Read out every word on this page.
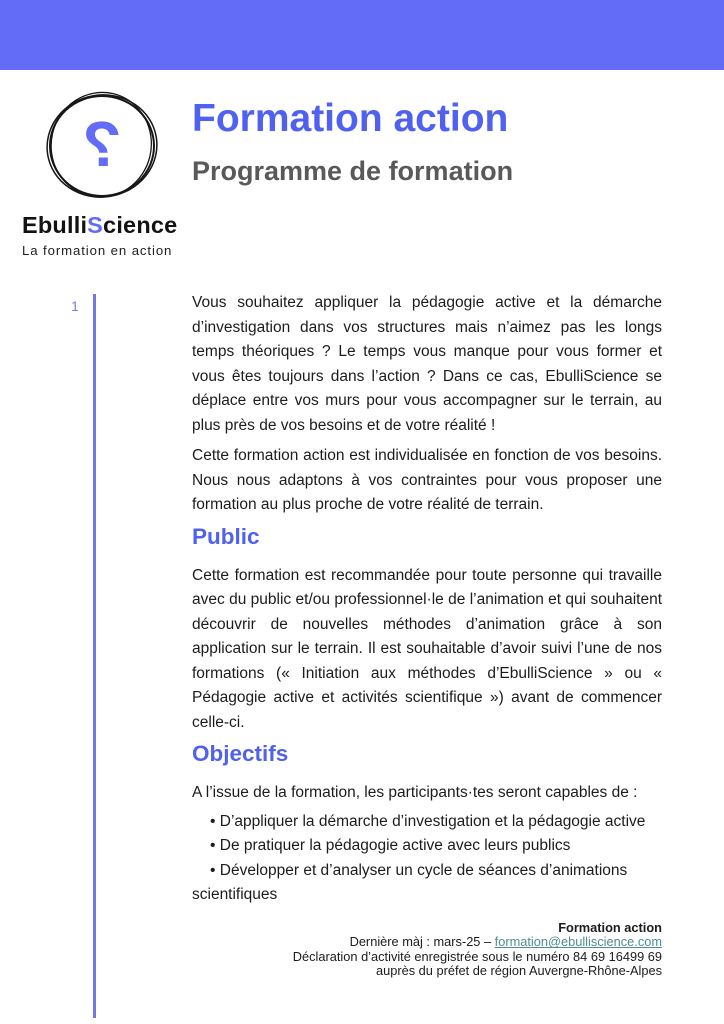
?
EbulliScience
La formation en action
Formation action
Programme de formation
1	Vous souhaitez appliquer la pédagogie active et la démarche d’investigation dans vos structures mais n’aimez pas les longs temps théoriques ? Le temps vous manque pour vous former et vous êtes toujours dans l’action ? Dans ce cas, EbulliScience se déplace entre vos murs pour vous accompagner sur le terrain, au plus près de vos besoins et de votre réalité !

Cette formation action est individualisée en fonction de vos besoins. Nous nous adaptons à vos contraintes pour vous proposer une formation au plus proche de votre réalité de terrain.

Public

Cette formation est recommandée pour toute personne qui travaille avec du public et/ou professionnel·le de l’animation et qui souhaitent découvrir de nouvelles méthodes d’animation grâce à son application sur le terrain. Il est souhaitable d’avoir suivi l’une de nos formations (« Initiation aux méthodes d’EbulliScience » ou « Pédagogie active et activités scientifique ») avant de commencer celle-ci.

Objectifs

A l’issue de la formation, les participants·tes seront capables de :

• D’appliquer la démarche d’investigation et la pédagogie active
• De pratiquer la pédagogie active avec leurs publics
• Développer et d’analyser un cycle de séances d’animations scientifiques
Formation action
Dernière màj : mars-25 – formation@ebulliscience.com
Déclaration d’activité enregistrée sous le numéro 84 69 16499 69
auprès du préfet de région Auvergne-Rhône-Alpes
